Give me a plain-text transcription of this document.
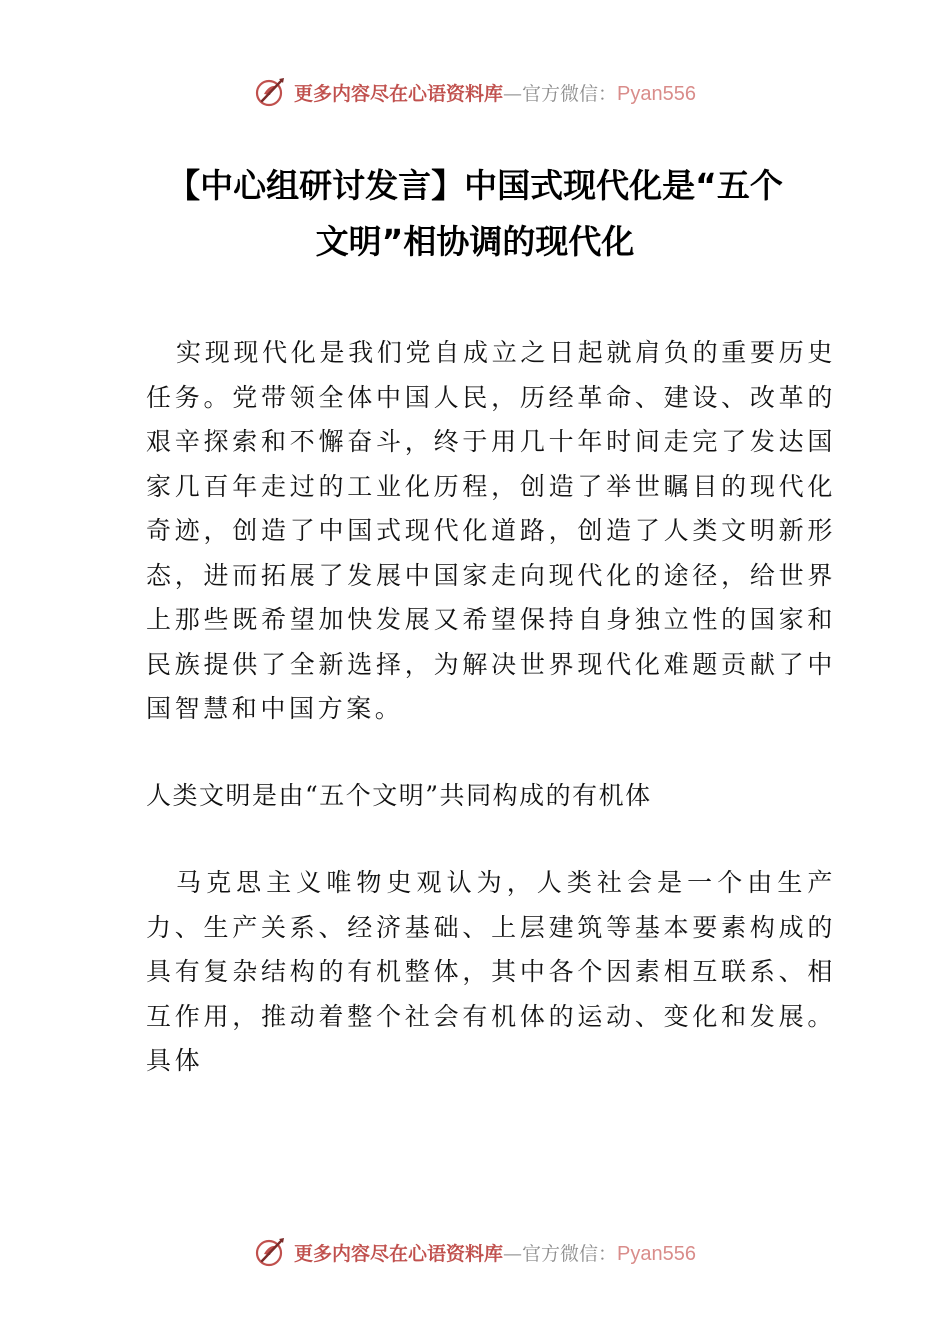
更多内容尽在心语资料库—官方微信：Pyan556
【中心组研讨发言】中国式现代化是“五个
文明”相协调的现代化

实现现代化是我们党自成立之日起就肩负的重要历史任务。党带领全体中国人民，历经革命、建设、改革的艰辛探索和不懈奋斗，终于用几十年时间走完了发达国家几百年走过的工业化历程，创造了举世瞩目的现代化奇迹，创造了中国式现代化道路，创造了人类文明新形态，进而拓展了发展中国家走向现代化的途径，给世界上那些既希望加快发展又希望保持自身独立性的国家和民族提供了全新选择，为解决世界现代化难题贡献了中国智慧和中国方案。

人类文明是由“五个文明”共同构成的有机体

马克思主义唯物史观认为，人类社会是一个由生产力、生产关系、经济基础、上层建筑等基本要素构成的具有复杂结构的有机整体，其中各个因素相互联系、相互作用，推动着整个社会有机体的运动、变化和发展。具体

更多内容尽在心语资料库—官方微信：Pyan556
